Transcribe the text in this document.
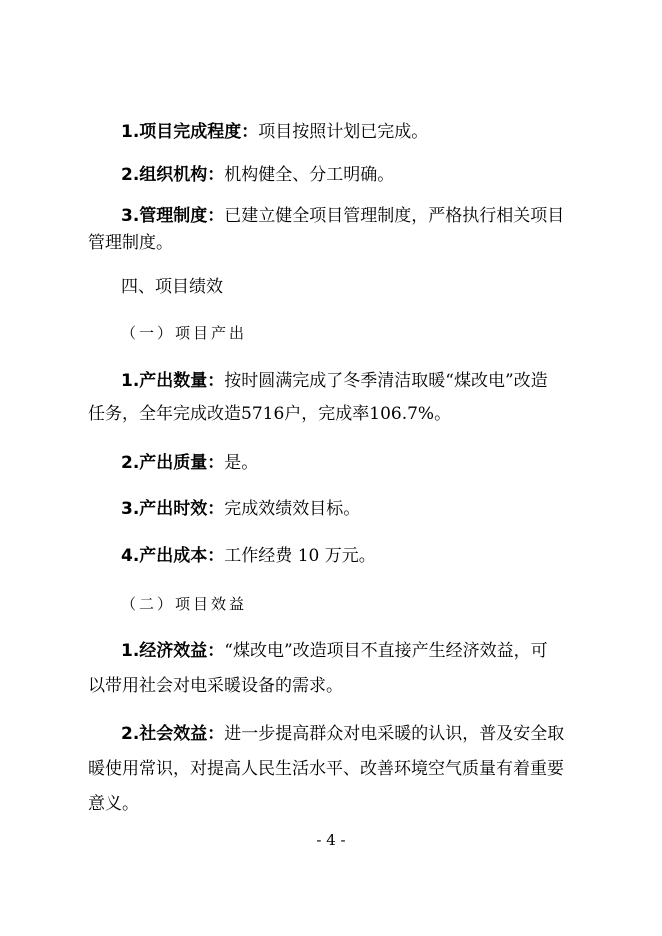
1.项目完成程度：项目按照计划已完成。
2.组织机构：机构健全、分工明确。
3.管理制度：已建立健全项目管理制度，严格执行相关项目
管理制度。
四、项目绩效
（一）项目产出
1.产出数量：按时圆满完成了冬季清洁取暖“煤改电”改造
任务，全年完成改造5716户，完成率106.7%。
2.产出质量：是。
3.产出时效：完成效绩效目标。
4.产出成本：工作经费 10 万元。
（二）项目效益
1.经济效益：“煤改电”改造项目不直接产生经济效益，可
以带用社会对电采暖设备的需求。
2.社会效益：进一步提高群众对电采暖的认识，普及安全取
暖使用常识，对提高人民生活水平、改善环境空气质量有着重要
意义。
- 4 -
